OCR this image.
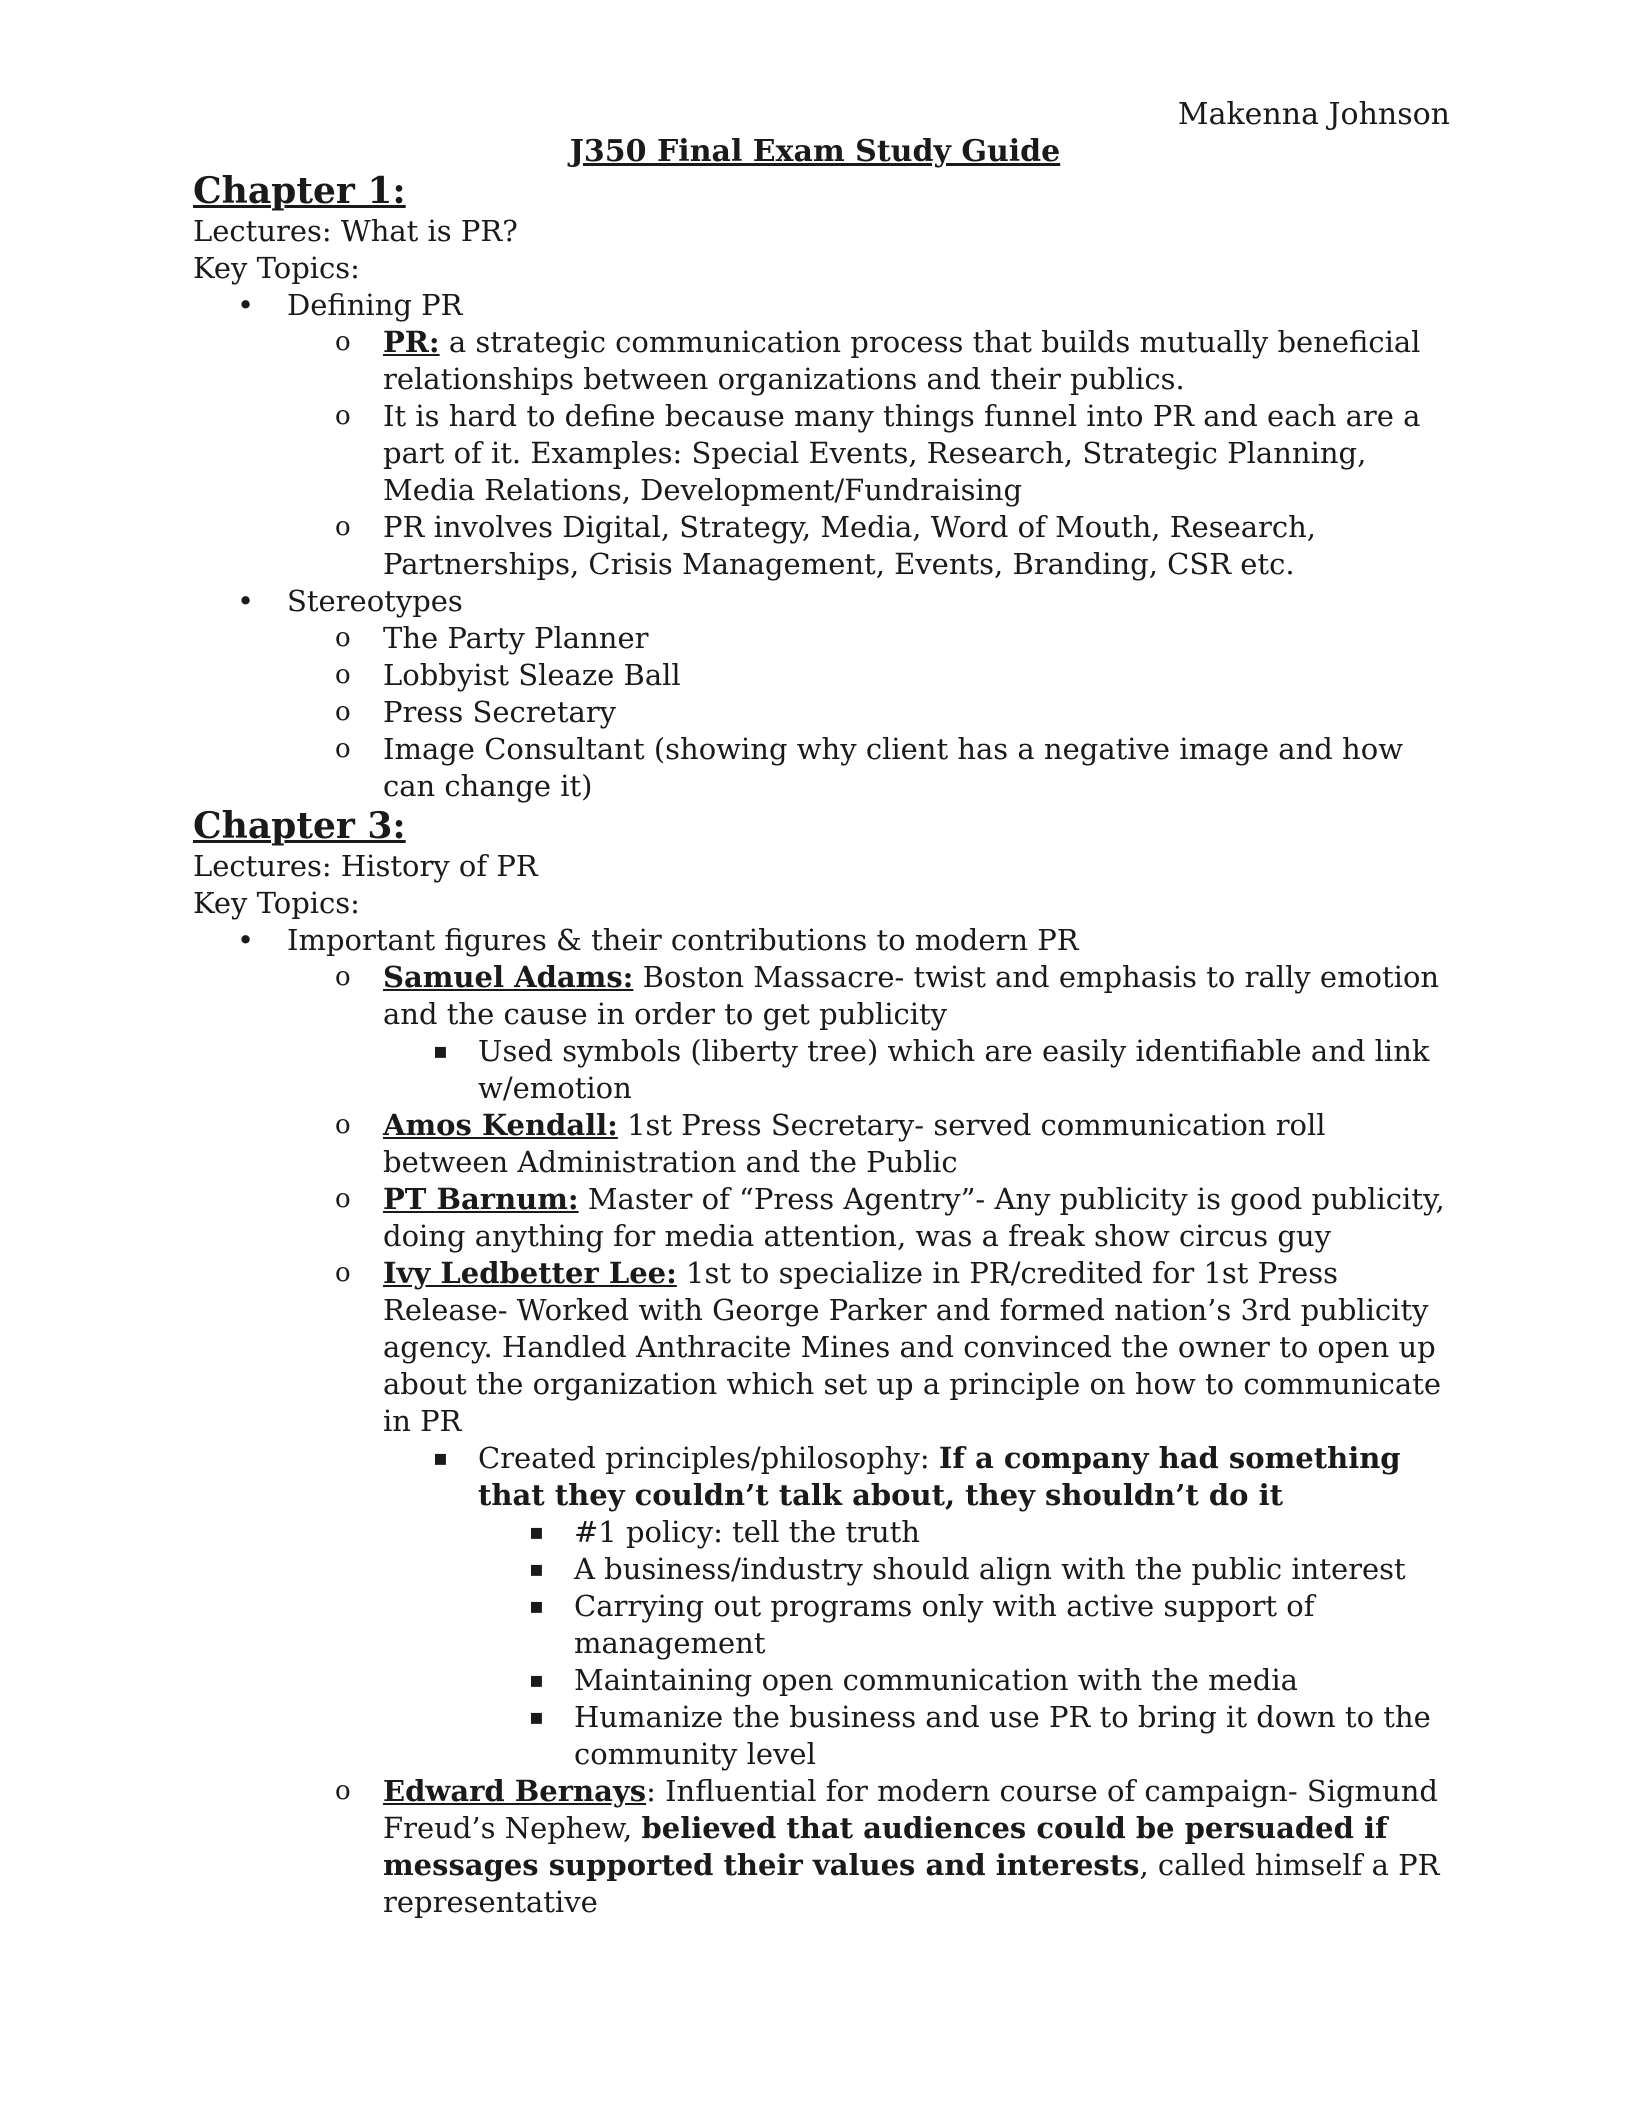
Makenna Johnson
J350 Final Exam Study Guide
Chapter 1:

Lectures: What is PR?

Key Topics:

• Defining PR
o PR: a strategic communication process that builds mutually beneficial relationships between organizations and their publics.
o It is hard to define because many things funnel into PR and each are a part of it. Examples: Special Events, Research, Strategic Planning, Media Relations, Development/Fundraising
o PR involves Digital, Strategy, Media, Word of Mouth, Research, Partnerships, Crisis Management, Events, Branding, CSR etc.
• Stereotypes
o The Party Planner
o Lobbyist Sleaze Ball
o Press Secretary
o Image Consultant (showing why client has a negative image and how can change it)
Chapter 3:

Lectures: History of PR

Key Topics:

• Important figures & their contributions to modern PR
o Samuel Adams: Boston Massacre- twist and emphasis to rally emotion and the cause in order to get publicity
▪ Used symbols (liberty tree) which are easily identifiable and link w/emotion
o Amos Kendall: 1st Press Secretary- served communication roll between Administration and the Public
o PT Barnum: Master of “Press Agentry”- Any publicity is good publicity, doing anything for media attention, was a freak show circus guy
o Ivy Ledbetter Lee: 1st to specialize in PR/credited for 1st Press Release- Worked with George Parker and formed nation’s 3rd publicity agency. Handled Anthracite Mines and convinced the owner to open up about the organization which set up a principle on how to communicate in PR
▪ Created principles/philosophy: If a company had something that they couldn’t talk about, they shouldn’t do it
▪ #1 policy: tell the truth
▪ A business/industry should align with the public interest
▪ Carrying out programs only with active support of management
▪ Maintaining open communication with the media
▪ Humanize the business and use PR to bring it down to the community level
o Edward Bernays: Influential for modern course of campaign- Sigmund Freud’s Nephew, believed that audiences could be persuaded if messages supported their values and interests, called himself a PR representative
